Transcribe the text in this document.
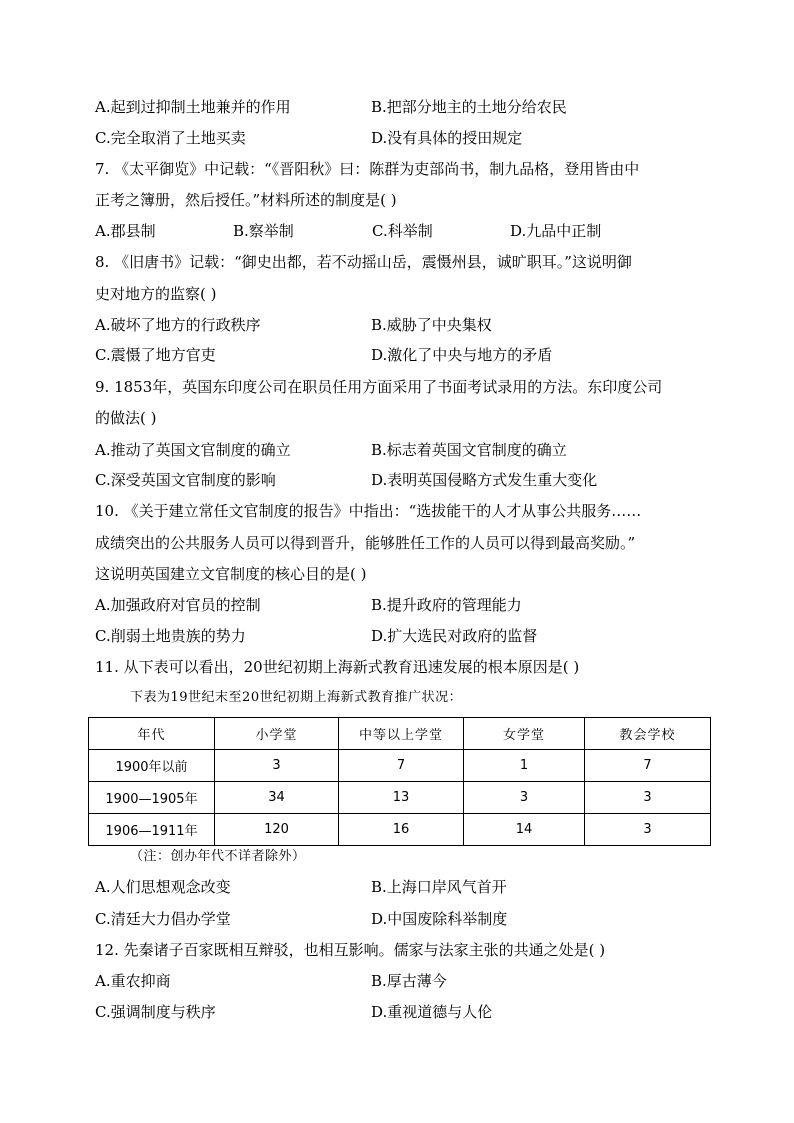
A.起到过抑制土地兼并的作用	B.把部分地主的土地分给农民
C.完全取消了土地买卖	D.没有具体的授田规定
7. 《太平御览》中记载：“《晋阳秋》曰：陈群为吏部尚书，制九品格，登用皆由中
正考之簿册，然后授任。”材料所述的制度是( )
A.郡县制	B.察举制	C.科举制	D.九品中正制
8. 《旧唐书》记载：“御史出都，若不动摇山岳，震慑州县，诚旷职耳。”这说明御
史对地方的监察( )
A.破坏了地方的行政秩序	B.威胁了中央集权
C.震慑了地方官吏	D.激化了中央与地方的矛盾
9. 1853年，英国东印度公司在职员任用方面采用了书面考试录用的方法。东印度公司
的做法( )
A.推动了英国文官制度的确立	B.标志着英国文官制度的确立
C.深受英国文官制度的影响	D.表明英国侵略方式发生重大变化
10. 《关于建立常任文官制度的报告》中指出：“选拔能干的人才从事公共服务……
成绩突出的公共服务人员可以得到晋升，能够胜任工作的人员可以得到最高奖励。”
这说明英国建立文官制度的核心目的是( )
A.加强政府对官员的控制	B.提升政府的管理能力
C.削弱土地贵族的势力	D.扩大选民对政府的监督
11. 从下表可以看出，20世纪初期上海新式教育迅速发展的根本原因是( )
下表为19世纪末至20世纪初期上海新式教育推广状况：
年代	小学堂	中等以上学堂	女学堂	教会学校
1900年以前	3	7	1	7
1900—1905年	34	13	3	3
1906—1911年	120	16	14	3
（注：创办年代不详者除外）
A.人们思想观念改变	B.上海口岸风气首开
C.清廷大力倡办学堂	D.中国废除科举制度
12. 先秦诸子百家既相互辩驳，也相互影响。儒家与法家主张的共通之处是( )
A.重农抑商	B.厚古薄今
C.强调制度与秩序	D.重视道德与人伦
